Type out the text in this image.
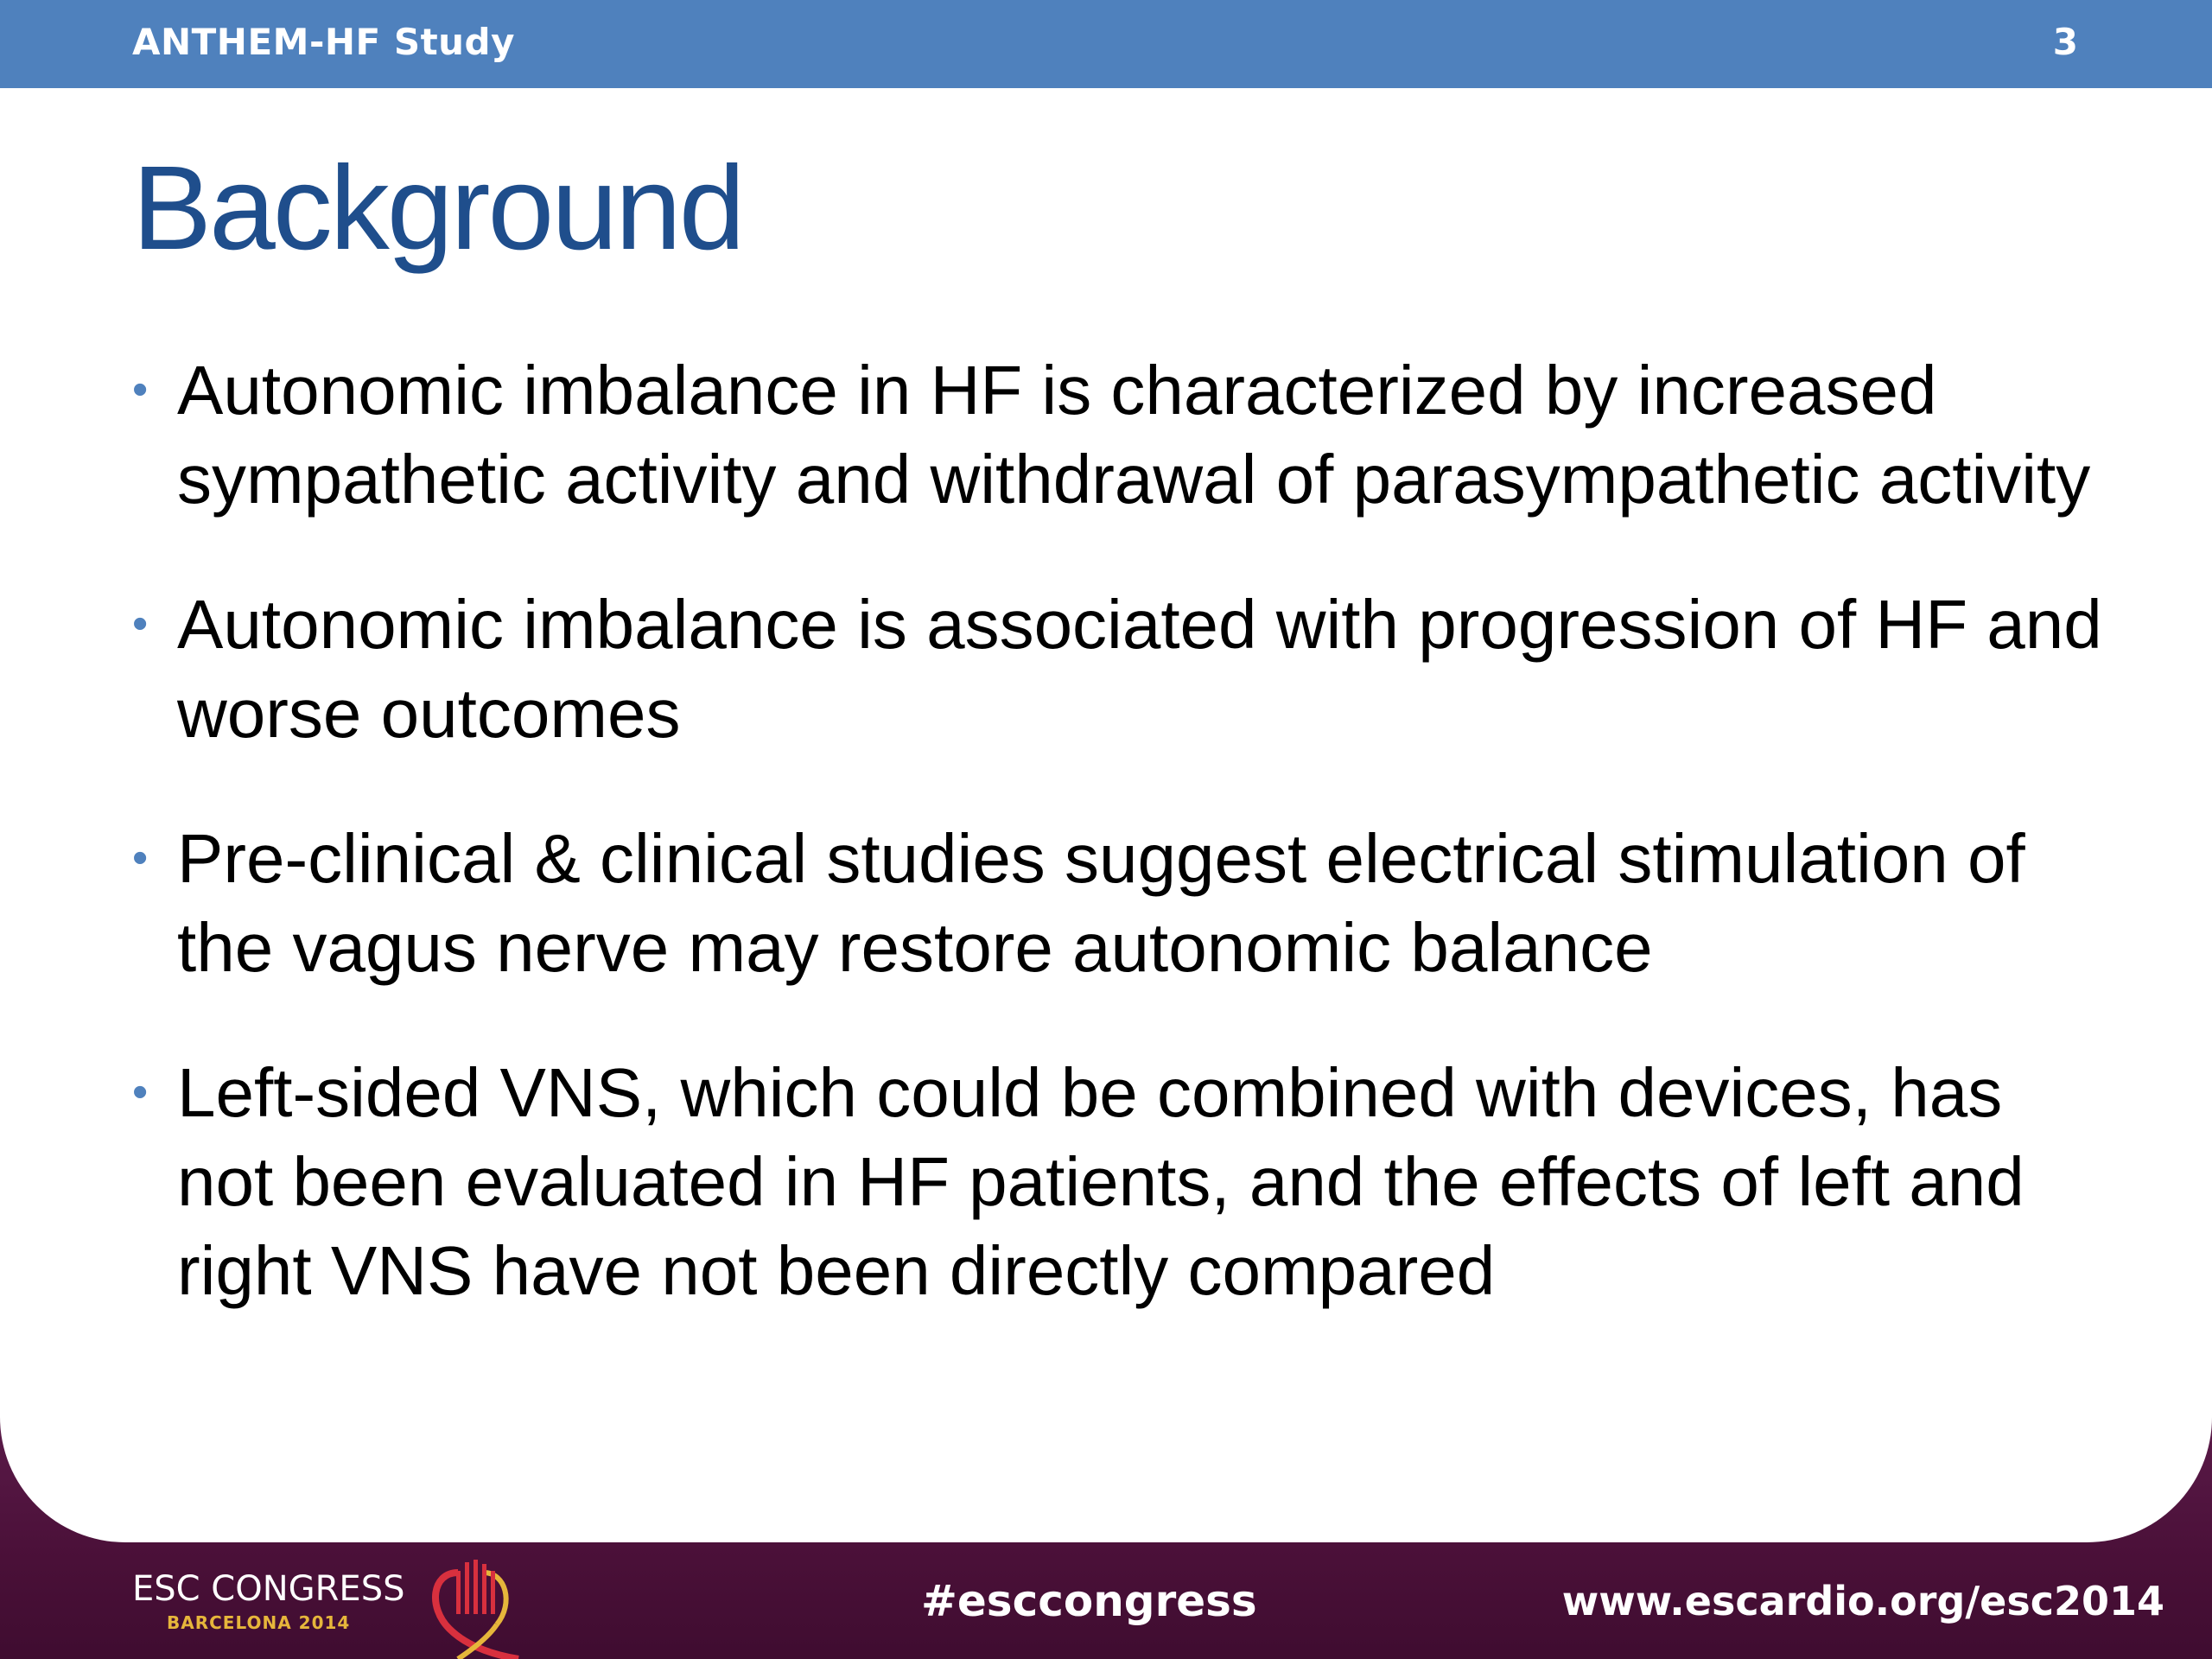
ANTHEM-HF Study	3
Background
• Autonomic imbalance in HF is characterized by increased sympathetic activity and withdrawal of parasympathetic activity
• Autonomic imbalance is associated with progression of HF and worse outcomes
• Pre-clinical & clinical studies suggest electrical stimulation of the vagus nerve may restore autonomic balance
• Left-sided VNS, which could be combined with devices, has not been evaluated in HF patients, and the effects of left and right VNS have not been directly compared
ESC CONGRESS
BARCELONA 2014	#esccongress	www.escardio.org/esc2014
